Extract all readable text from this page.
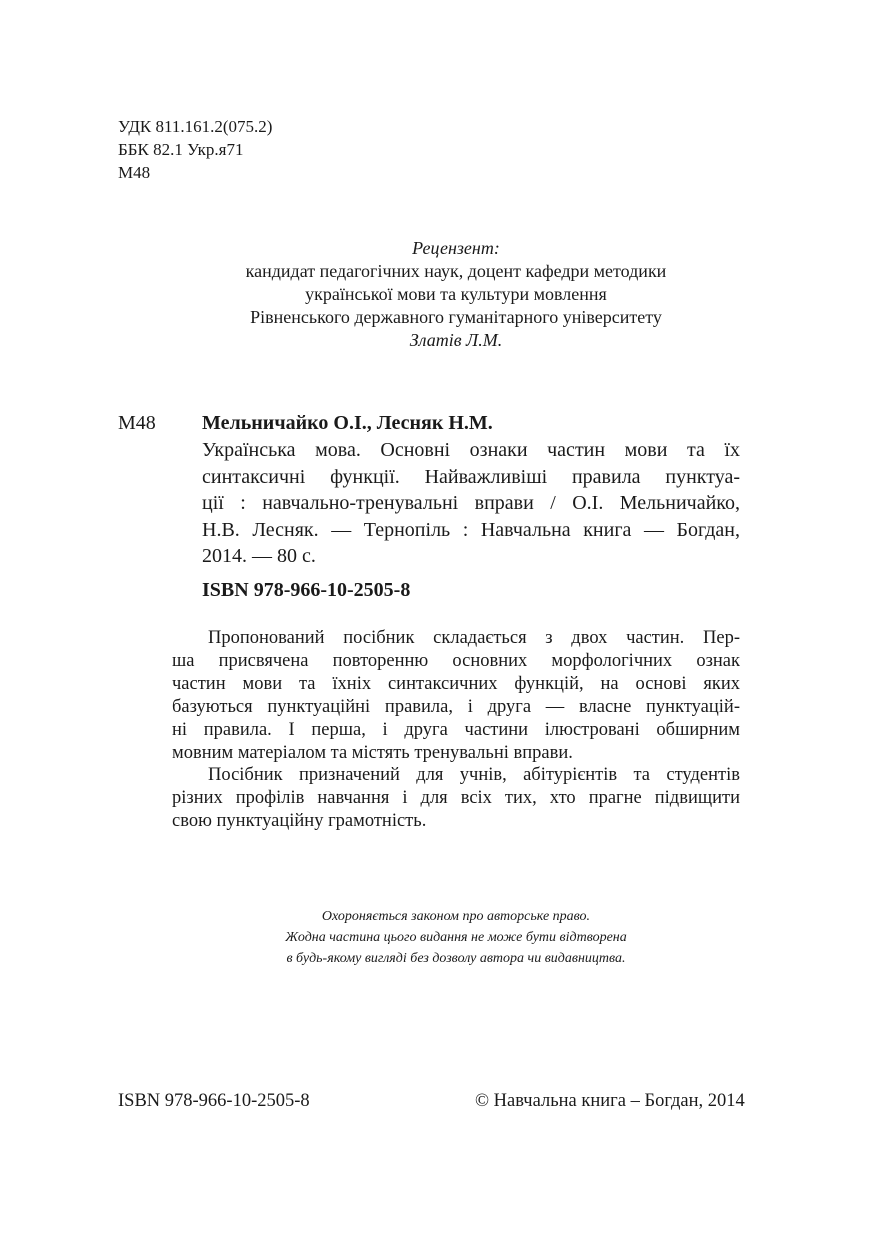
УДК 811.161.2(075.2)
ББК 82.1 Укр.я71
М48
Рецензент:
кандидат педагогічних наук, доцент кафедри методики
української мови та культури мовлення
Рівненського державного гуманітарного університету
Златів Л.М.
М48 Мельничайко О.І., Лесняк Н.М.
Українська мова. Основні ознаки частин мови та їх
синтаксичні функції. Найважливіші правила пунктуа-
ції : навчально-тренувальні вправи / О.І. Мельничайко,
Н.В. Лесняк. — Тернопіль : Навчальна книга — Богдан,
2014. — 80 с.
ISBN 978-966-10-2505-8
Пропонований посібник складається з двох частин. Пер-
ша присвячена повторенню основних морфологічних ознак
частин мови та їхніх синтаксичних функцій, на основі яких
базуються пунктуаційні правила, і друга — власне пунктуацій-
ні правила. І перша, і друга частини ілюстровані обширним
мовним матеріалом та містять тренувальні вправи.
Посібник призначений для учнів, абітурієнтів та студентів
різних профілів навчання і для всіх тих, хто прагне підвищити
свою пунктуаційну грамотність.
Охороняється законом про авторське право.
Жодна частина цього видання не може бути відтворена
в будь-якому вигляді без дозволу автора чи видавництва.
ISBN 978-966-10-2505-8	© Навчальна книга – Богдан, 2014
